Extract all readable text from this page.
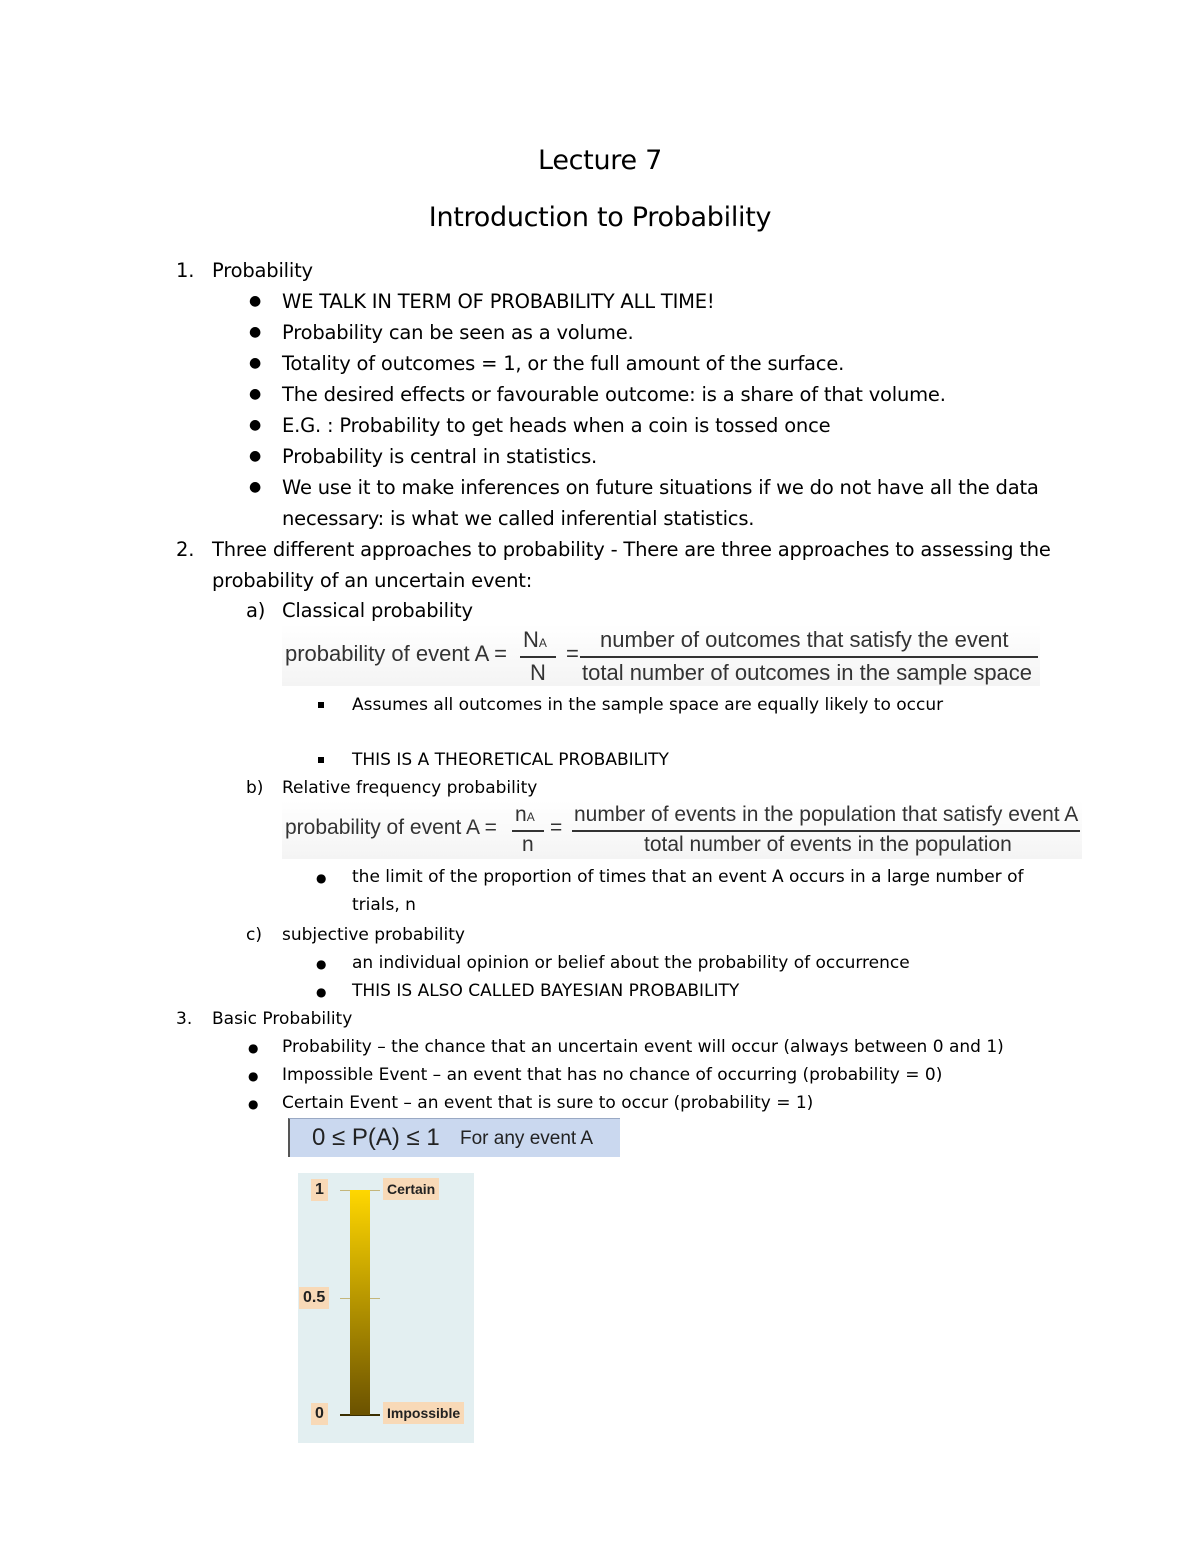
Lecture 7
Introduction to Probability
1. Probability
● WE TALK IN TERM OF PROBABILITY ALL TIME!
● Probability can be seen as a volume.
● Totality of outcomes = 1, or the full amount of the surface.
● The desired effects or favourable outcome: is a share of that volume.
● E.G. : Probability to get heads when a coin is tossed once
● Probability is central in statistics.
● We use it to make inferences on future situations if we do not have all the data
necessary: is what we called inferential statistics.
2. Three different approaches to probability - There are three approaches to assessing the
probability of an uncertain event:
a) Classical probability
probability of event A =
NA
N
=
number of outcomes that satisfy the event
total number of outcomes in the sample space
Assumes all outcomes in the sample space are equally likely to occur
THIS IS A THEORETICAL PROBABILITY
b) Relative frequency probability
probability of event A =
nA
n
=
number of events in the population that satisfy event A
total number of events in the population
● the limit of the proportion of times that an event A occurs in a large number of
trials, n
c) subjective probability
● an individual opinion or belief about the probability of occurrence
● THIS IS ALSO CALLED BAYESIAN PROBABILITY
3. Basic Probability
● Probability – the chance that an uncertain event will occur (always between 0 and 1)
● Impossible Event – an event that has no chance of occurring (probability = 0)
● Certain Event – an event that is sure to occur (probability = 1)
0 ≤ P(A) ≤ 1 For any event A
1
0.5
0
Certain
Impossible
